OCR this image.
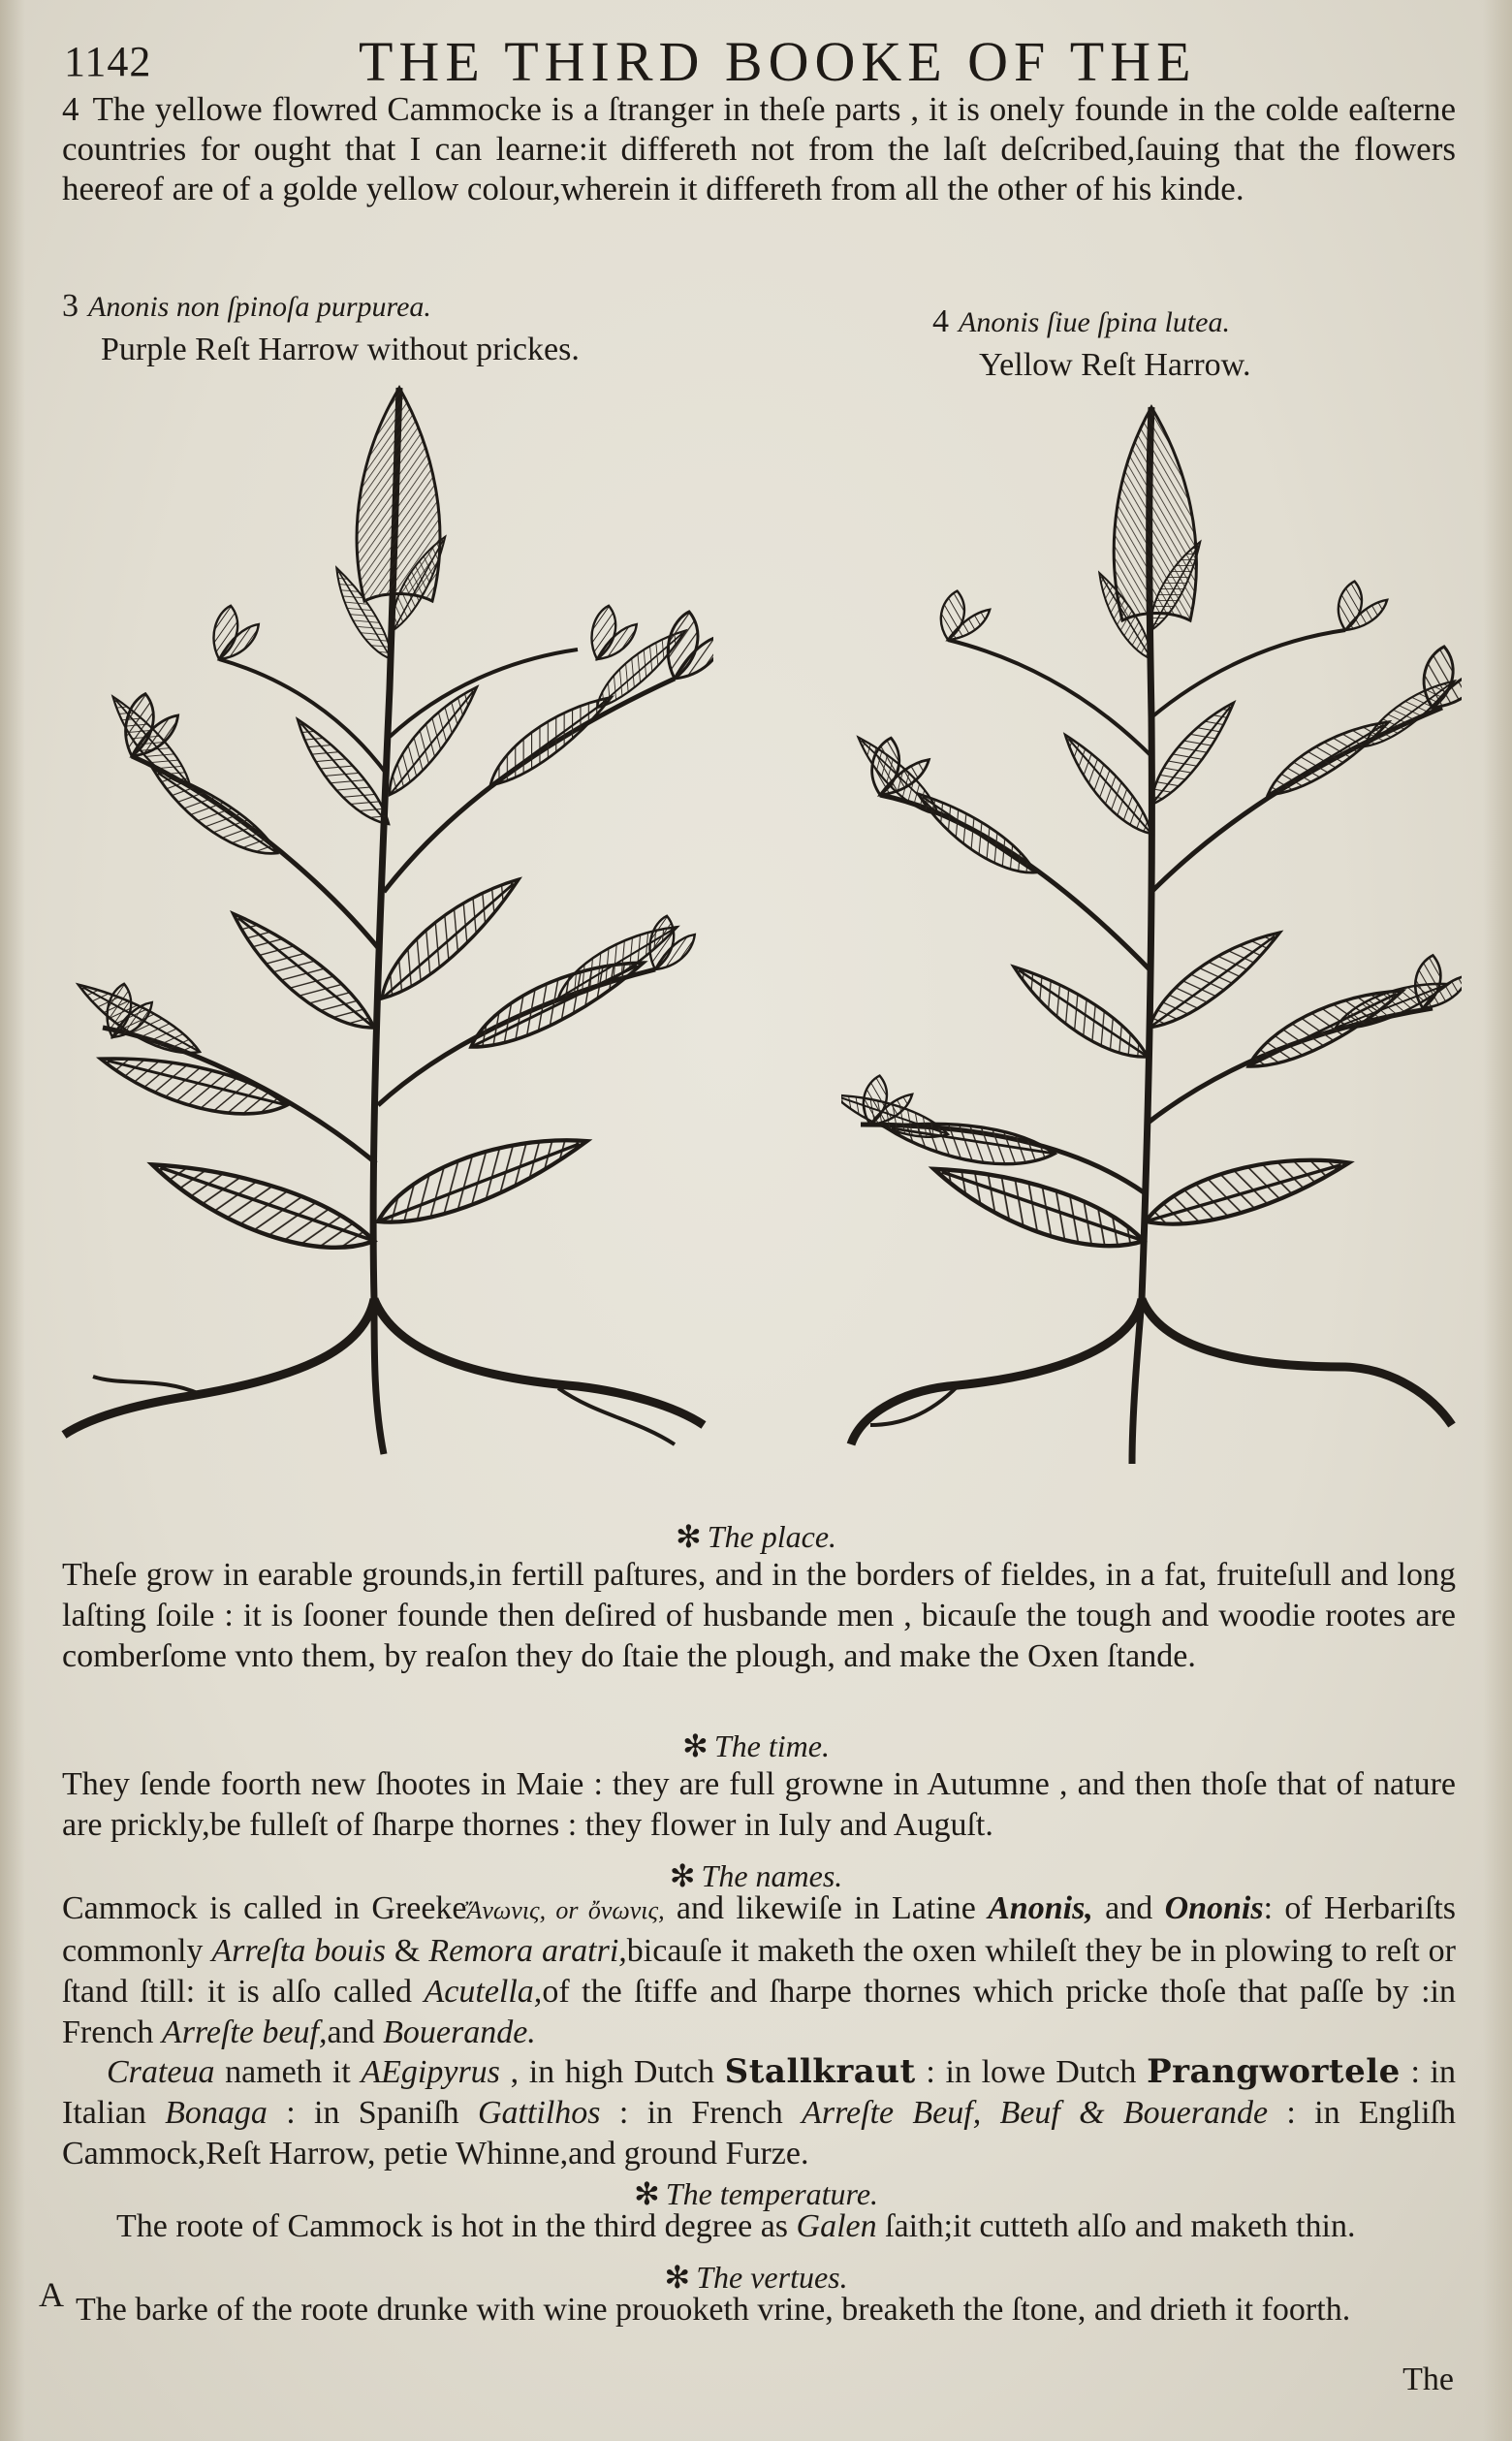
1142	THE THIRD BOOKE OF THE
4 The yellowe flowred Cammocke is a ſtranger in theſe parts , it is onely founde in the colde eaſterne countries for ought that I can learne:it differeth not from the laſt deſcribed,ſauing that the flowers heereof are of a golde yellow colour,wherein it differeth from all the other of his kinde.
3 Anonis non ſpinoſa purpurea.
Purple Reſt Harrow without prickes.
4 Anonis ſiue ſpina lutea.
Yellow Reſt Harrow.
✻ The place.
Theſe grow in earable grounds,in fertill paſtures, and in the borders of fieldes, in a fat, fruiteſull and long laſting ſoile : it is ſooner founde then deſired of husbande men , bicauſe the tough and woodie rootes are comberſome vnto them, by reaſon they do ſtaie the plough, and make the Oxen ſtande.
✻ The time.
They ſende foorth new ſhootes in Maie : they are full growne in Autumne , and then thoſe that of nature are prickly,be fulleſt of ſharpe thornes : they flower in Iuly and Auguſt.
✻ The names.
Cammock is called in GreekeἌνωνις, or ὄνωνις, and likewiſe in Latine Anonis, and Ononis: of Herbariſts commonly Arreſta bouis & Remora aratri,bicauſe it maketh the oxen whileſt they be in plowing to reſt or ſtand ſtill: it is alſo called Acutella,of the ſtiffe and ſharpe thornes which pricke thoſe that paſſe by :in French Arreſte beuf,and Bouerande.
Crateua nameth it AEgipyrus , in high Dutch Stallkraut : in lowe Dutch Prangwortele : in Italian Bonaga : in Spaniſh Gattilhos : in French Arreſte Beuf, Beuf & Bouerande : in Engliſh Cammock,Reſt Harrow, petie Whinne,and ground Furze.
✻ The temperature.
The roote of Cammock is hot in the third degree as Galen ſaith;it cutteth alſo and maketh thin.
✻ The vertues.
A The barke of the roote drunke with wine prouoketh vrine, breaketh the ſtone, and drieth it foorth.
The
